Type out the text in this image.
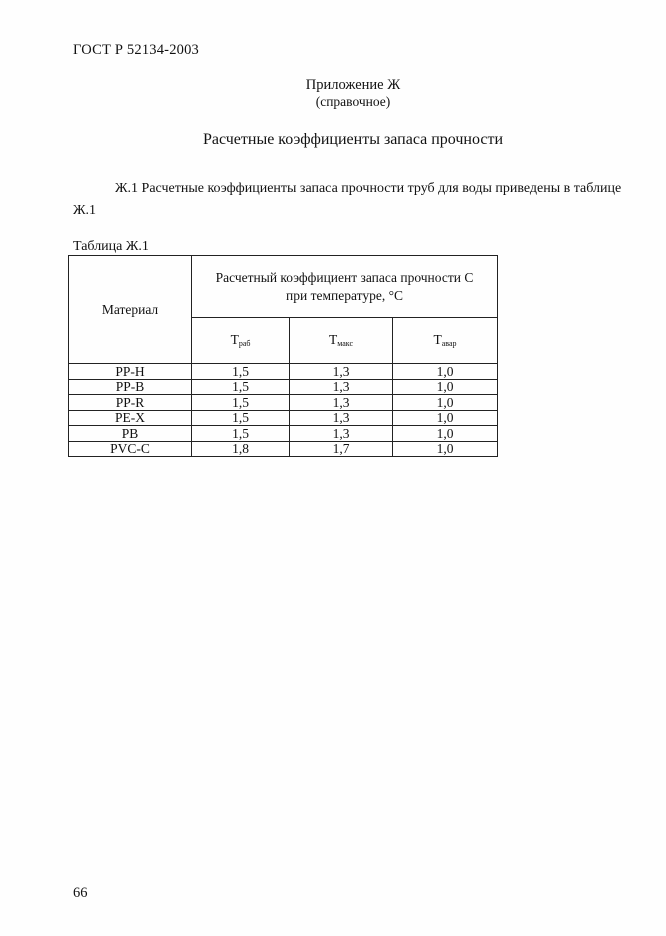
ГОСТ Р 52134-2003
Приложение Ж
(справочное)
Расчетные коэффициенты запаса прочности
Ж.1 Расчетные коэффициенты запаса прочности труб для воды приведены в таблице
Ж.1
Таблица Ж.1
Материал	Расчетный коэффициент запаса прочности С
при температуре, °С		

	Траб	Тмакс	Тавар
PP-H	1,5	1,3	1,0
PP-B	1,5	1,3	1,0
PP-R	1,5	1,3	1,0
PE-X	1,5	1,3	1,0
PB	1,5	1,3	1,0
PVC-C	1,8	1,7	1,0
66
